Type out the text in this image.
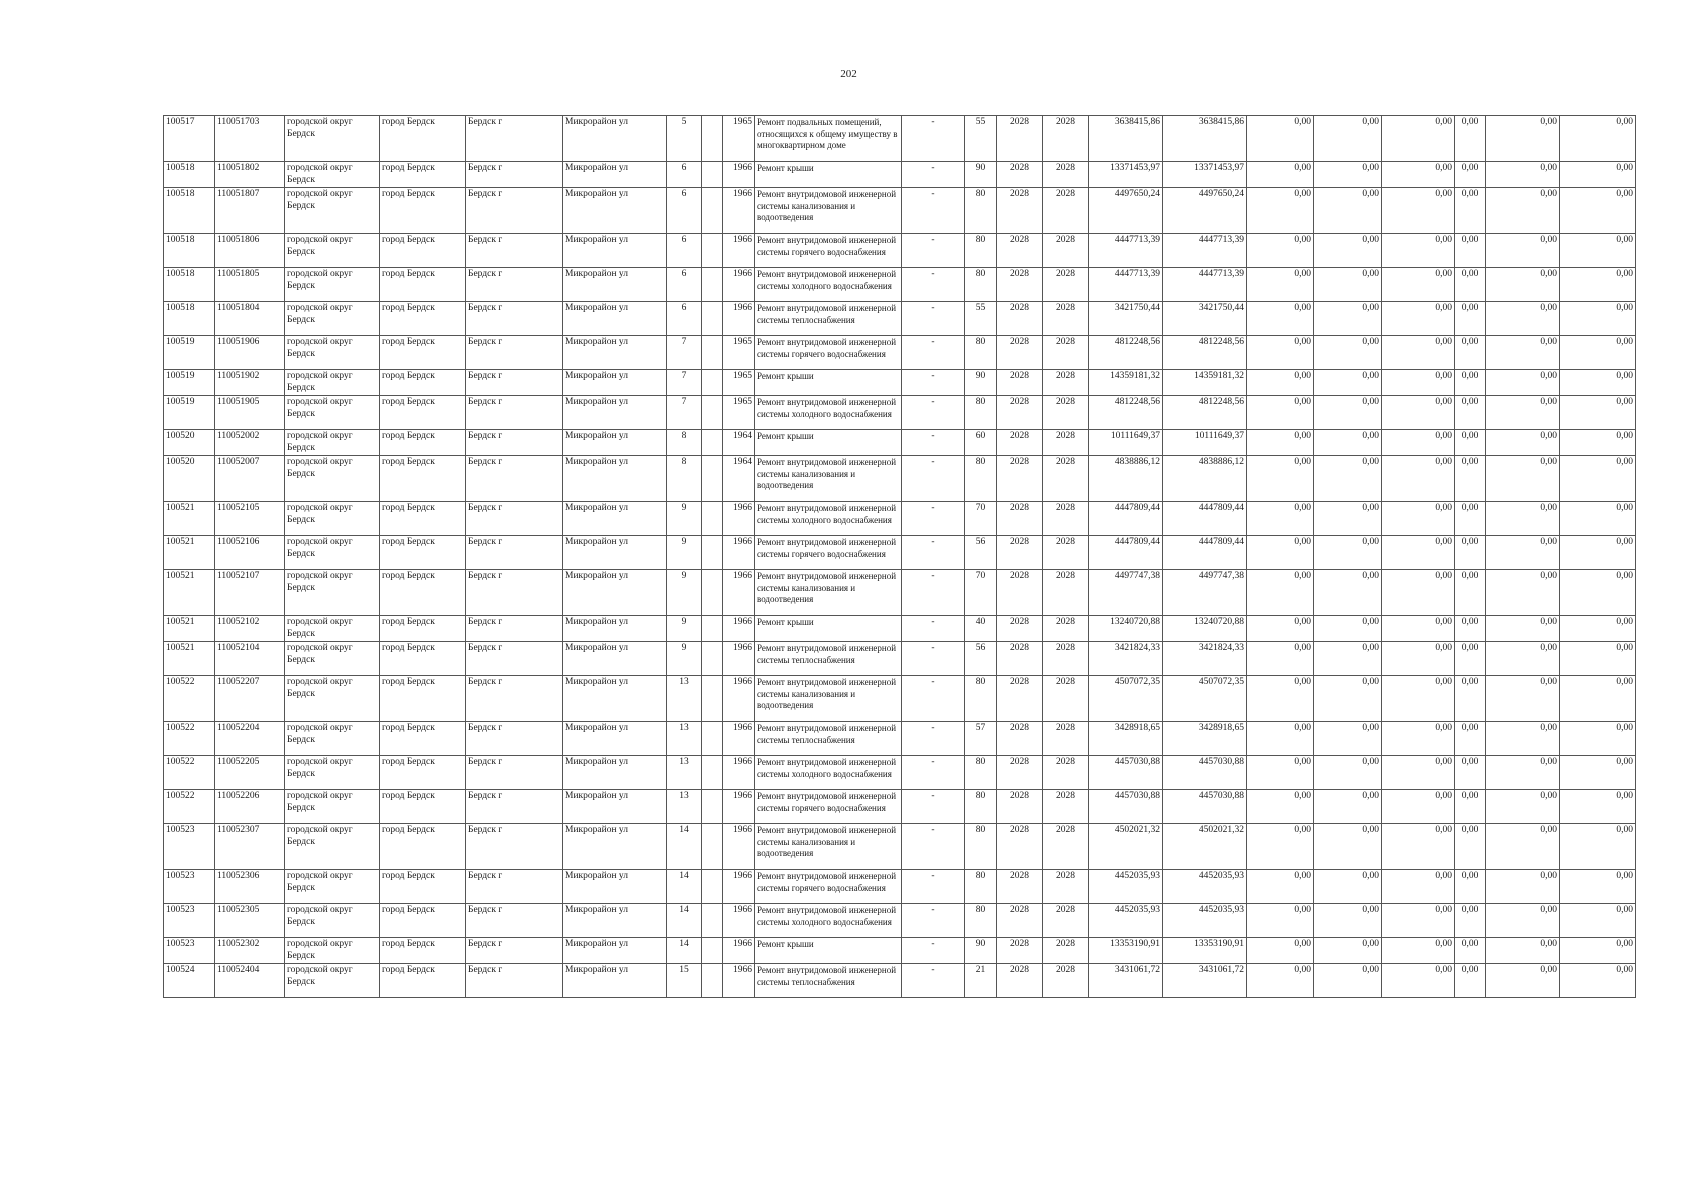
202
100517	110051703	городской округ Бердск	город Бердск	Бердск г	Микрорайон ул	5		1965	Ремонт подвальных помещений, относящихся к общему имуществу в многоквартирном доме	-	55	2028	2028	3638415,86	3638415,86	0,00	0,00	0,00	0,00	0,00	0,00
100518	110051802	городской округ Бердск	город Бердск	Бердск г	Микрорайон ул	6		1966	Ремонт крыши	-	90	2028	2028	13371453,97	13371453,97	0,00	0,00	0,00	0,00	0,00	0,00
100518	110051807	городской округ Бердск	город Бердск	Бердск г	Микрорайон ул	6		1966	Ремонт внутридомовой инженерной системы канализования и водоотведения	-	80	2028	2028	4497650,24	4497650,24	0,00	0,00	0,00	0,00	0,00	0,00
100518	110051806	городской округ Бердск	город Бердск	Бердск г	Микрорайон ул	6		1966	Ремонт внутридомовой инженерной системы горячего водоснабжения	-	80	2028	2028	4447713,39	4447713,39	0,00	0,00	0,00	0,00	0,00	0,00
100518	110051805	городской округ Бердск	город Бердск	Бердск г	Микрорайон ул	6		1966	Ремонт внутридомовой инженерной системы холодного водоснабжения	-	80	2028	2028	4447713,39	4447713,39	0,00	0,00	0,00	0,00	0,00	0,00
100518	110051804	городской округ Бердск	город Бердск	Бердск г	Микрорайон ул	6		1966	Ремонт внутридомовой инженерной системы теплоснабжения	-	55	2028	2028	3421750,44	3421750,44	0,00	0,00	0,00	0,00	0,00	0,00
100519	110051906	городской округ Бердск	город Бердск	Бердск г	Микрорайон ул	7		1965	Ремонт внутридомовой инженерной системы горячего водоснабжения	-	80	2028	2028	4812248,56	4812248,56	0,00	0,00	0,00	0,00	0,00	0,00
100519	110051902	городской округ Бердск	город Бердск	Бердск г	Микрорайон ул	7		1965	Ремонт крыши	-	90	2028	2028	14359181,32	14359181,32	0,00	0,00	0,00	0,00	0,00	0,00
100519	110051905	городской округ Бердск	город Бердск	Бердск г	Микрорайон ул	7		1965	Ремонт внутридомовой инженерной системы холодного водоснабжения	-	80	2028	2028	4812248,56	4812248,56	0,00	0,00	0,00	0,00	0,00	0,00
100520	110052002	городской округ Бердск	город Бердск	Бердск г	Микрорайон ул	8		1964	Ремонт крыши	-	60	2028	2028	10111649,37	10111649,37	0,00	0,00	0,00	0,00	0,00	0,00
100520	110052007	городской округ Бердск	город Бердск	Бердск г	Микрорайон ул	8		1964	Ремонт внутридомовой инженерной системы канализования и водоотведения	-	80	2028	2028	4838886,12	4838886,12	0,00	0,00	0,00	0,00	0,00	0,00
100521	110052105	городской округ Бердск	город Бердск	Бердск г	Микрорайон ул	9		1966	Ремонт внутридомовой инженерной системы холодного водоснабжения	-	70	2028	2028	4447809,44	4447809,44	0,00	0,00	0,00	0,00	0,00	0,00
100521	110052106	городской округ Бердск	город Бердск	Бердск г	Микрорайон ул	9		1966	Ремонт внутридомовой инженерной системы горячего водоснабжения	-	56	2028	2028	4447809,44	4447809,44	0,00	0,00	0,00	0,00	0,00	0,00
100521	110052107	городской округ Бердск	город Бердск	Бердск г	Микрорайон ул	9		1966	Ремонт внутридомовой инженерной системы канализования и водоотведения	-	70	2028	2028	4497747,38	4497747,38	0,00	0,00	0,00	0,00	0,00	0,00
100521	110052102	городской округ Бердск	город Бердск	Бердск г	Микрорайон ул	9		1966	Ремонт крыши	-	40	2028	2028	13240720,88	13240720,88	0,00	0,00	0,00	0,00	0,00	0,00
100521	110052104	городской округ Бердск	город Бердск	Бердск г	Микрорайон ул	9		1966	Ремонт внутридомовой инженерной системы теплоснабжения	-	56	2028	2028	3421824,33	3421824,33	0,00	0,00	0,00	0,00	0,00	0,00
100522	110052207	городской округ Бердск	город Бердск	Бердск г	Микрорайон ул	13		1966	Ремонт внутридомовой инженерной системы канализования и водоотведения	-	80	2028	2028	4507072,35	4507072,35	0,00	0,00	0,00	0,00	0,00	0,00
100522	110052204	городской округ Бердск	город Бердск	Бердск г	Микрорайон ул	13		1966	Ремонт внутридомовой инженерной системы теплоснабжения	-	57	2028	2028	3428918,65	3428918,65	0,00	0,00	0,00	0,00	0,00	0,00
100522	110052205	городской округ Бердск	город Бердск	Бердск г	Микрорайон ул	13		1966	Ремонт внутридомовой инженерной системы холодного водоснабжения	-	80	2028	2028	4457030,88	4457030,88	0,00	0,00	0,00	0,00	0,00	0,00
100522	110052206	городской округ Бердск	город Бердск	Бердск г	Микрорайон ул	13		1966	Ремонт внутридомовой инженерной системы горячего водоснабжения	-	80	2028	2028	4457030,88	4457030,88	0,00	0,00	0,00	0,00	0,00	0,00
100523	110052307	городской округ Бердск	город Бердск	Бердск г	Микрорайон ул	14		1966	Ремонт внутридомовой инженерной системы канализования и водоотведения	-	80	2028	2028	4502021,32	4502021,32	0,00	0,00	0,00	0,00	0,00	0,00
100523	110052306	городской округ Бердск	город Бердск	Бердск г	Микрорайон ул	14		1966	Ремонт внутридомовой инженерной системы горячего водоснабжения	-	80	2028	2028	4452035,93	4452035,93	0,00	0,00	0,00	0,00	0,00	0,00
100523	110052305	городской округ Бердск	город Бердск	Бердск г	Микрорайон ул	14		1966	Ремонт внутридомовой инженерной системы холодного водоснабжения	-	80	2028	2028	4452035,93	4452035,93	0,00	0,00	0,00	0,00	0,00	0,00
100523	110052302	городской округ Бердск	город Бердск	Бердск г	Микрорайон ул	14		1966	Ремонт крыши	-	90	2028	2028	13353190,91	13353190,91	0,00	0,00	0,00	0,00	0,00	0,00
100524	110052404	городской округ Бердск	город Бердск	Бердск г	Микрорайон ул	15		1966	Ремонт внутридомовой инженерной системы теплоснабжения	-	21	2028	2028	3431061,72	3431061,72	0,00	0,00	0,00	0,00	0,00	0,00
